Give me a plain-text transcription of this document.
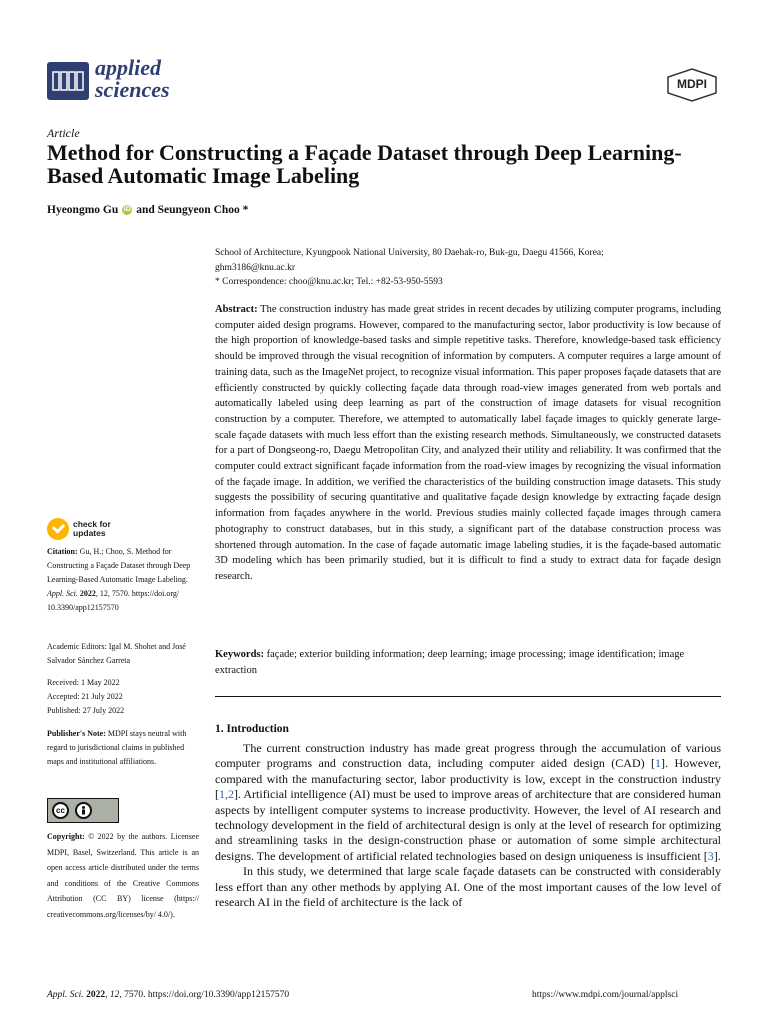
applied
sciences	MDPI
Article
Method for Constructing a Façade Dataset through Deep Learning-Based Automatic Image Labeling
Hyeongmo Gu iD and Seungyeon Choo *
School of Architecture, Kyungpook National University, 80 Daehak-ro, Buk-gu, Daegu 41566, Korea;
ghm3186@knu.ac.kr
* Correspondence: choo@knu.ac.kr; Tel.: +82-53-950-5593
Abstract: The construction industry has made great strides in recent decades by utilizing computer programs, including computer aided design programs. However, compared to the manufacturing sector, labor productivity is low because of the high proportion of knowledge-based tasks and simple repetitive tasks. Therefore, knowledge-based task efficiency should be improved through the visual recognition of information by computers. A computer requires a large amount of training data, such as the ImageNet project, to recognize visual information. This paper proposes façade datasets that are efficiently constructed by quickly collecting façade data through road-view images generated from web portals and automatically labeled using deep learning as part of the construction of image datasets for visual recognition construction by a computer. Therefore, we attempted to automatically label façade images to quickly generate large-scale façade datasets with much less effort than the existing research methods. Simultaneously, we constructed datasets for a part of Dongseong-ro, Daegu Metropolitan City, and analyzed their utility and reliability. It was confirmed that the computer could extract significant façade information from the road-view images by recognizing the visual information of the façade image. In addition, we verified the characteristics of the building construction image datasets. This study suggests the possibility of securing quantitative and qualitative façade design knowledge by extracting façade design information from façades anywhere in the world. Previous studies mainly collected façade images through camera photography to construct databases, but in this study, a significant part of the database construction process was shortened through automation. In the case of façade automatic image labeling studies, it is the façade-based automatic 3D modeling which has been primarily studied, but it is difficult to find a study to extract data for façade design research.
Keywords: façade; exterior building information; deep learning; image processing; image identification; image extraction
1. Introduction

The current construction industry has made great progress through the accumulation of various computer programs and construction data, including computer aided design (CAD) [1]. However, compared with the manufacturing sector, labor productivity is low, except in the construction industry [1,2]. Artificial intelligence (AI) must be used to improve areas of architecture that are considered human aspects by intelligent computer systems to increase productivity. However, the level of AI research and technology development in the field of architectural design is only at the level of research for optimizing and streamlining tasks in the design-construction phase or automation of some simple architectural designs. The development of artificial related technologies based on design uniqueness is insufficient [3].

In this study, we determined that large scale façade datasets can be constructed with considerably less effort than any other methods by applying AI. One of the most important causes of the low level of research AI in the field of architecture is the lack of

check for
updates
Citation: Gu, H.; Choo, S. Method for Constructing a Façade Dataset through Deep Learning-Based Automatic Image Labeling. Appl. Sci. 2022, 12, 7570. https://doi.org/ 10.3390/app12157570
Academic Editors: Igal M. Shohet and José Salvador Sánchez Garreta
Received: 1 May 2022
Accepted: 21 July 2022
Published: 27 July 2022
Publisher's Note: MDPI stays neutral with regard to jurisdictional claims in published maps and institutional affiliations.
cc
Copyright: © 2022 by the authors. Licensee MDPI, Basel, Switzerland. This article is an open access article distributed under the terms and conditions of the Creative Commons Attribution (CC BY) license (https:// creativecommons.org/licenses/by/ 4.0/).
Appl. Sci. 2022, 12, 7570. https://doi.org/10.3390/app12157570	https://www.mdpi.com/journal/applsci
